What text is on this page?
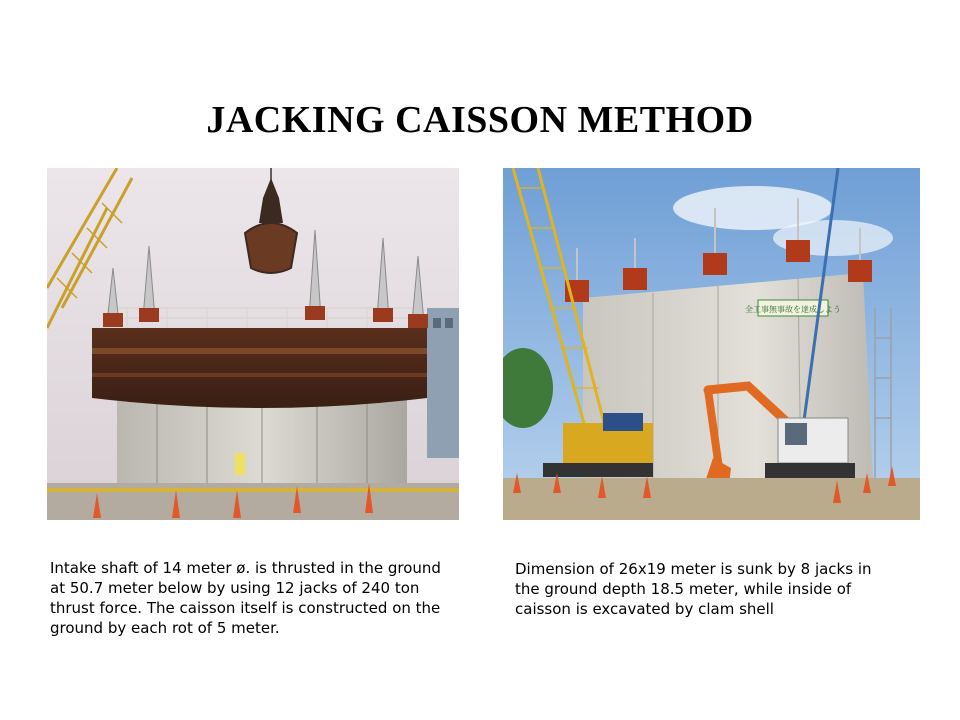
JACKING CAISSON METHOD
全工事無事故を達成しよう
Intake shaft of 14 meter ø. is thrusted in the ground at 50.7 meter below by using 12 jacks of 240 ton thrust force. The caisson itself is constructed on the ground by each rot of 5 meter.
Dimension of 26x19 meter is sunk by 8 jacks in the ground depth 18.5 meter, while inside of caisson is excavated by clam shell
